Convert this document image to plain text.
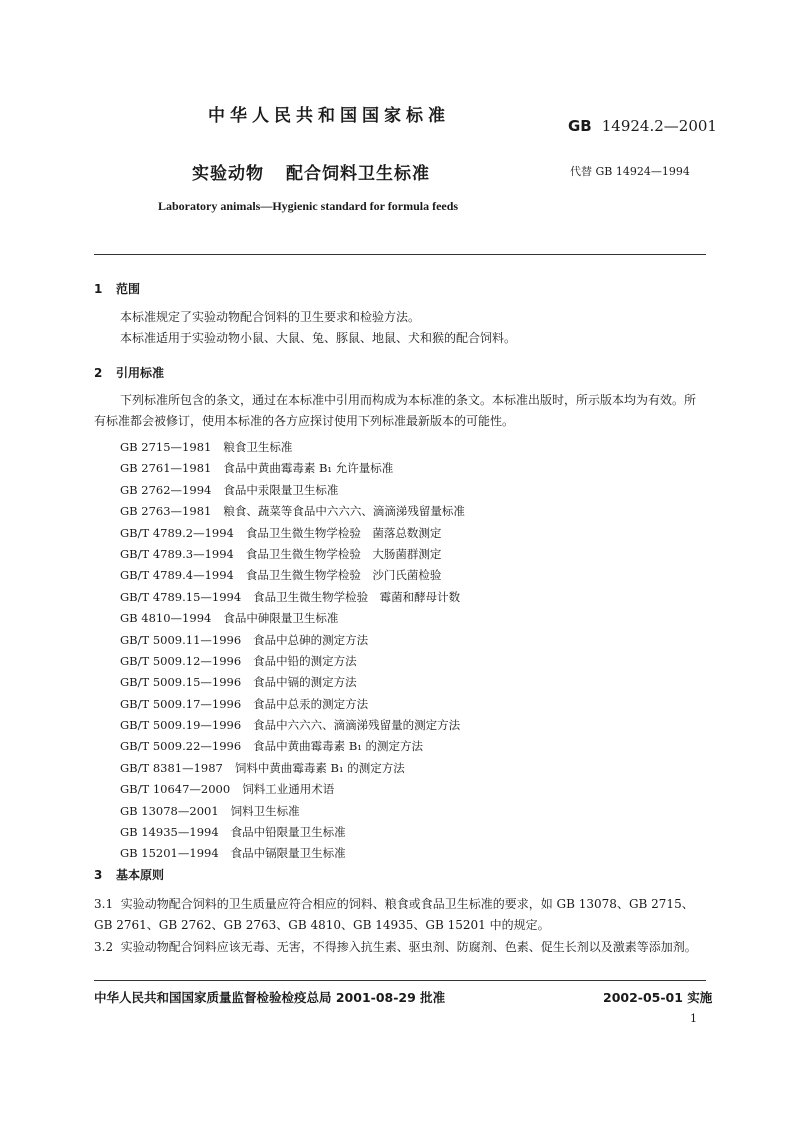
中华人民共和国国家标准	GB 14924.2—2001
实验动物 配合饲料卫生标准	代替 GB 14924—1994
Laboratory animals—Hygienic standard for formula feeds
1 范围
本标准规定了实验动物配合饲料的卫生要求和检验方法。
本标准适用于实验动物小鼠、大鼠、兔、豚鼠、地鼠、犬和猴的配合饲料。
2 引用标准
下列标准所包含的条文，通过在本标准中引用而构成为本标准的条文。本标准出版时，所示版本均为有效。所有标准都会被修订，使用本标准的各方应探讨使用下列标准最新版本的可能性。
GB 2715—1981 粮食卫生标准
GB 2761—1981 食品中黄曲霉毒素 B₁ 允许量标准
GB 2762—1994 食品中汞限量卫生标准
GB 2763—1981 粮食、蔬菜等食品中六六六、滴滴涕残留量标准
GB/T 4789.2—1994 食品卫生微生物学检验　菌落总数测定
GB/T 4789.3—1994 食品卫生微生物学检验　大肠菌群测定
GB/T 4789.4—1994 食品卫生微生物学检验　沙门氏菌检验
GB/T 4789.15—1994 食品卫生微生物学检验　霉菌和酵母计数
GB 4810—1994 食品中砷限量卫生标准
GB/T 5009.11—1996 食品中总砷的测定方法
GB/T 5009.12—1996 食品中铅的测定方法
GB/T 5009.15—1996 食品中镉的测定方法
GB/T 5009.17—1996 食品中总汞的测定方法
GB/T 5009.19—1996 食品中六六六、滴滴涕残留量的测定方法
GB/T 5009.22—1996 食品中黄曲霉毒素 B₁ 的测定方法
GB/T 8381—1987 饲料中黄曲霉毒素 B₁ 的测定方法
GB/T 10647—2000 饲料工业通用术语
GB 13078—2001 饲料卫生标准
GB 14935—1994 食品中铅限量卫生标准
GB 15201—1994 食品中镉限量卫生标准
3 基本原则
3.1 实验动物配合饲料的卫生质量应符合相应的饲料、粮食或食品卫生标准的要求，如 GB 13078、GB 2715、GB 2761、GB 2762、GB 2763、GB 4810、GB 14935、GB 15201 中的规定。
3.2 实验动物配合饲料应该无毒、无害，不得掺入抗生素、驱虫剂、防腐剂、色素、促生长剂以及激素等添加剂。
中华人民共和国国家质量监督检验检疫总局 2001-08-29 批准	2002-05-01 实施
1
